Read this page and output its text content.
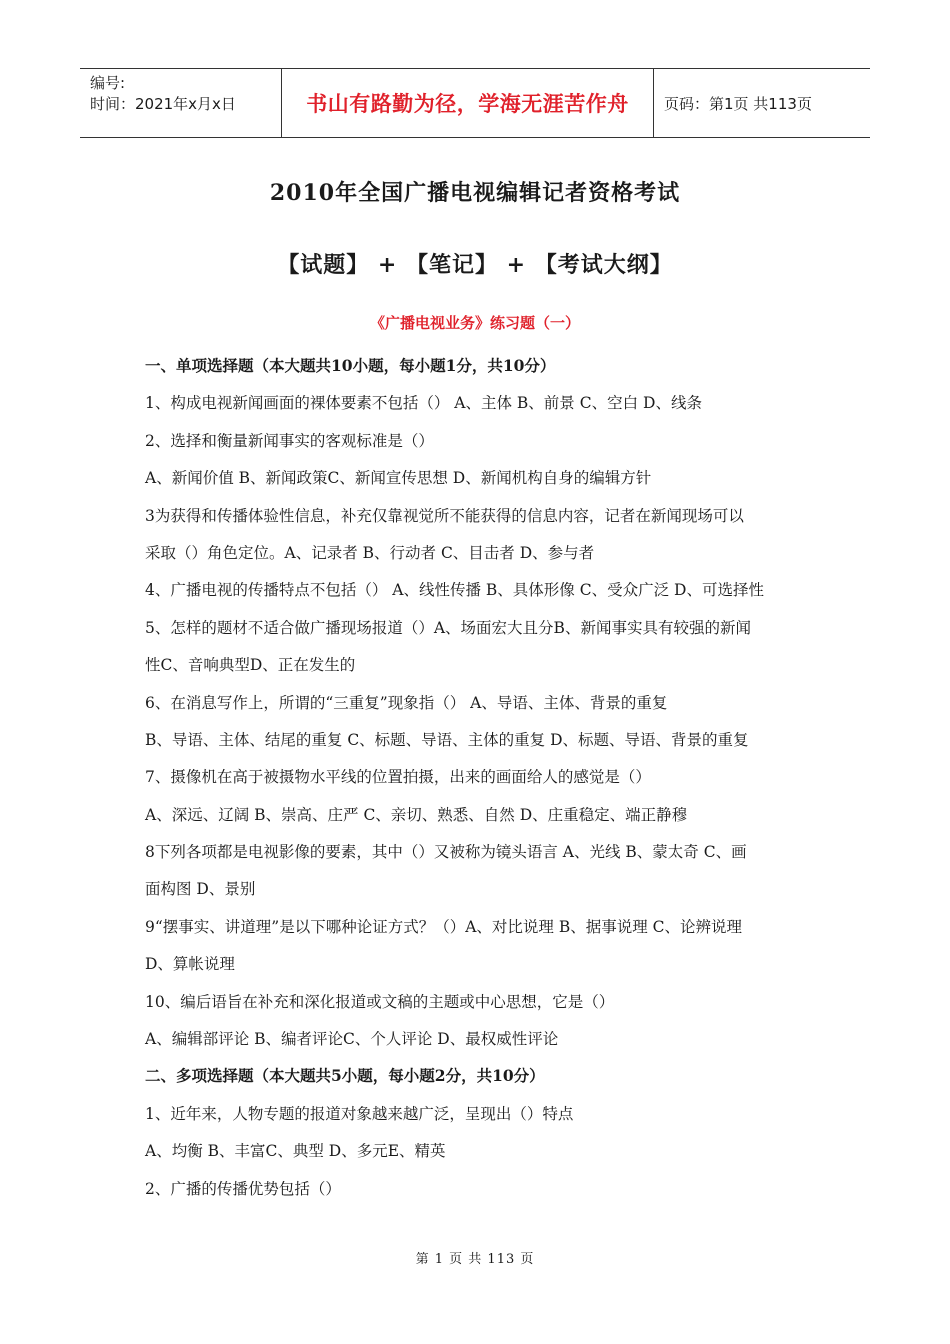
编号:
时间：2021年x月x日	书山有路勤为径，学海无涯苦作舟 页码：第1页 共113页
2010年全国广播电视编辑记者资格考试
【试题】 + 【笔记】 + 【考试大纲】
《广播电视业务》练习题（一）
一、单项选择题（本大题共10小题，每小题1分，共10分）
1、构成电视新闻画面的裸体要素不包括（） A、主体 B、前景 C、空白 D、线条
2、选择和衡量新闻事实的客观标准是（）
A、新闻价值 B、新闻政策C、新闻宣传思想 D、新闻机构自身的编辑方针
3为获得和传播体验性信息，补充仅靠视觉所不能获得的信息内容，记者在新闻现场可以
采取（）角色定位。A、记录者 B、行动者 C、目击者 D、参与者
4、广播电视的传播特点不包括（） A、线性传播 B、具体形像 C、受众广泛 D、可选择性
5、怎样的题材不适合做广播现场报道（）A、场面宏大且分B、新闻事实具有较强的新闻
性C、音响典型D、正在发生的
6、在消息写作上，所谓的“三重复”现象指（） A、导语、主体、背景的重复
B、导语、主体、结尾的重复 C、标题、导语、主体的重复 D、标题、导语、背景的重复
7、摄像机在高于被摄物水平线的位置拍摄，出来的画面给人的感觉是（）
A、深远、辽阔 B、崇高、庄严 C、亲切、熟悉、自然 D、庄重稳定、端正静穆
8下列各项都是电视影像的要素，其中（）又被称为镜头语言 A、光线 B、蒙太奇 C、画
面构图 D、景别
9“摆事实、讲道理”是以下哪种论证方式？（）A、对比说理 B、据事说理 C、论辨说理
D、算帐说理
10、编后语旨在补充和深化报道或文稿的主题或中心思想，它是（）
A、编辑部评论 B、编者评论C、个人评论 D、最权威性评论
二、多项选择题（本大题共5小题，每小题2分，共10分）
1、近年来，人物专题的报道对象越来越广泛，呈现出（）特点
A、均衡 B、丰富C、典型 D、多元E、精英
2、广播的传播优势包括（）
第 1 页 共 113 页
